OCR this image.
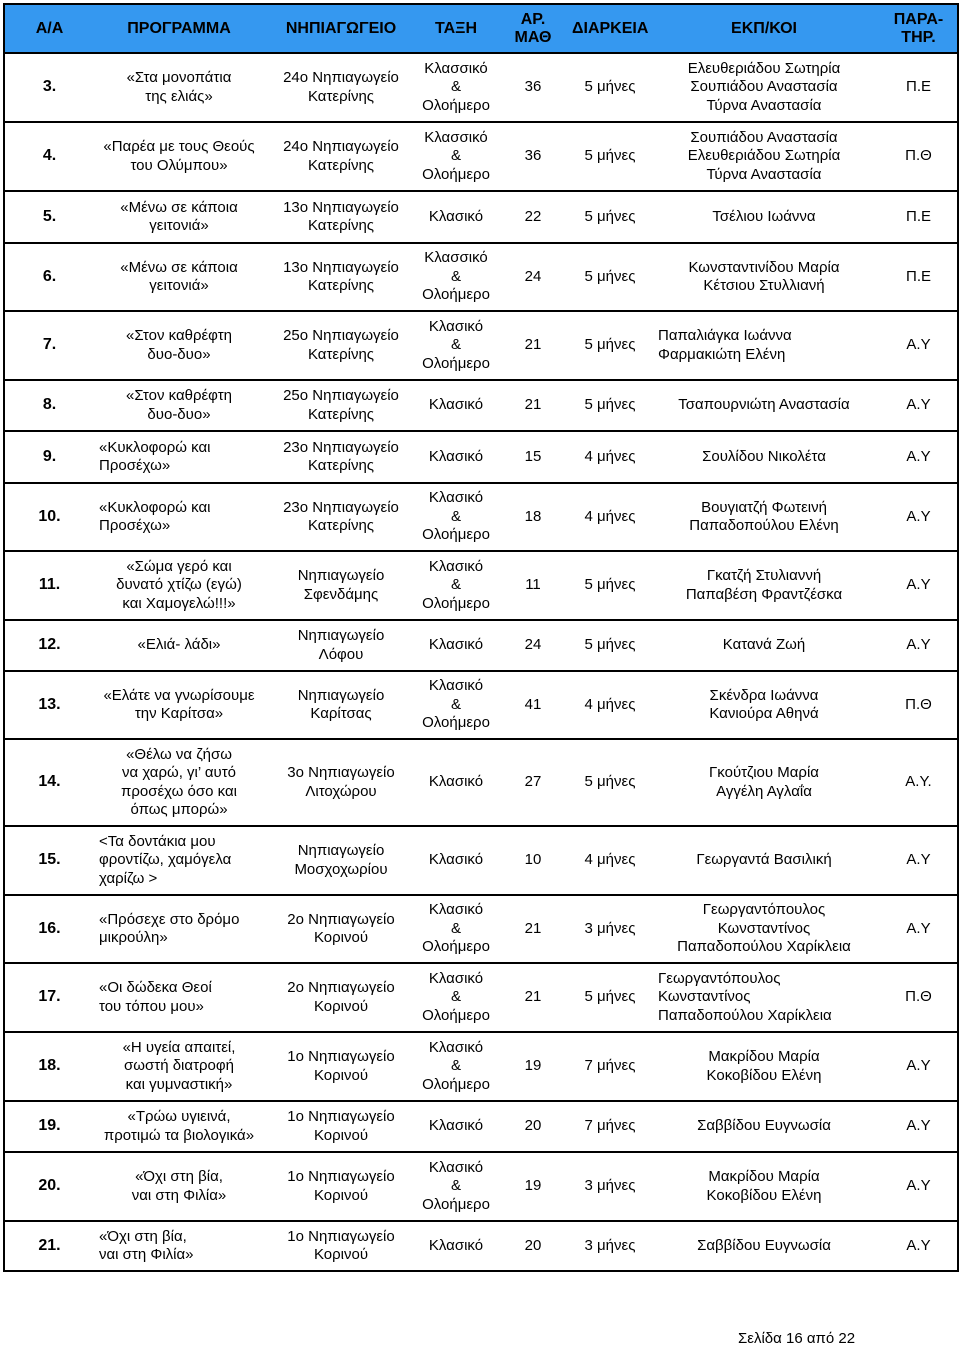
Α/Α	ΠΡΟΓΡΑΜΜΑ	ΝΗΠΙΑΓΩΓΕΙΟ	ΤΑΞΗ	ΑΡ.
ΜΑΘ	ΔΙΑΡΚΕΙΑ	ΕΚΠ/ΚΟΙ	ΠΑΡΑ-
ΤΗΡ.
3.	«Στα μονοπάτια
της ελιάς»	24ο Νηπιαγωγείο
Κατερίνης	Κλασσικό
&
Ολοήμερο	36	5 μήνες	Ελευθεριάδου Σωτηρία
Σουπιάδου Αναστασία
Τύρνα Αναστασία	Π.Ε
4.	«Παρέα με τους Θεούς
του Ολύμπου»	24ο Νηπιαγωγείο
Κατερίνης	Κλασσικό
&
Ολοήμερο	36	5 μήνες	Σουπιάδου Αναστασία
Ελευθεριάδου Σωτηρία
Τύρνα Αναστασία	Π.Θ
5.	«Μένω σε κάποια
γειτονιά»	13ο Νηπιαγωγείο
Κατερίνης	Κλασικό	22	5 μήνες	Τσέλιου Ιωάννα	Π.Ε
6.	«Μένω σε κάποια
γειτονιά»	13ο Νηπιαγωγείο
Κατερίνης	Κλασσικό
&
Ολοήμερο	24	5 μήνες	Κωνσταντινίδου Μαρία
Κέτσιου Στυλλιανή	Π.Ε
7.	«Στον καθρέφτη
δυο-δυο»	25ο Νηπιαγωγείο
Κατερίνης	Κλασικό
&
Ολοήμερο	21	5 μήνες	Παπαλιάγκα Ιωάννα
Φαρμακιώτη Ελένη	Α.Υ
8.	«Στον καθρέφτη
δυο-δυο»	25ο Νηπιαγωγείο
Κατερίνης	Κλασικό	21	5 μήνες	Τσαπουρνιώτη Αναστασία	Α.Υ
9.	«Κυκλοφορώ και
Προσέχω»	23ο Νηπιαγωγείο
Κατερίνης	Κλασικό	15	4 μήνες	Σουλίδου Νικολέτα	Α.Υ
10.	«Κυκλοφορώ και
Προσέχω»	23ο Νηπιαγωγείο
Κατερίνης	Κλασικό
&
Ολοήμερο	18	4 μήνες	Βουγιατζή Φωτεινή
Παπαδοπούλου Ελένη	Α.Υ
11.	«Σώμα γερό και
δυνατό χτίζω (εγώ)
και Χαμογελώ!!!»	Νηπιαγωγείο
Σφενδάμης	Κλασικό
&
Ολοήμερο	11	5 μήνες	Γκατζή Στυλιαννή
Παπαβέση Φραντζέσκα	Α.Υ
12.	«Ελιά- λάδι»	Νηπιαγωγείο
Λόφου	Κλασικό	24	5 μήνες	Κατανά Ζωή	Α.Υ
13.	«Ελάτε να γνωρίσουμε
την Καρίτσα»	Νηπιαγωγείο
Καρίτσας	Κλασικό
&
Ολοήμερο	41	4 μήνες	Σκένδρα Ιωάννα
Κανιούρα Αθηνά	Π.Θ
14.	«Θέλω να ζήσω
να χαρώ, γι’ αυτό
προσέχω όσο και
όπως μπορώ»	3ο Νηπιαγωγείο
Λιτοχώρου	Κλασικό	27	5 μήνες	Γκούτζιου Μαρία
Αγγέλη Αγλαΐα	Α.Υ.
15.	<Τα δοντάκια μου
φροντίζω, χαμόγελα
χαρίζω >	Νηπιαγωγείο
Μοσχοχωρίου	Κλασικό	10	4 μήνες	Γεωργαντά Βασιλική	Α.Υ
16.	«Πρόσεχε στο δρόμο
μικρούλη»	2ο Νηπιαγωγείο
Κορινού	Κλασικό
&
Ολοήμερο	21	3 μήνες	Γεωργαντόπουλος
Κωνσταντίνος
Παπαδοπούλου Χαρίκλεια	Α.Υ
17.	«Οι δώδεκα Θεοί
του τόπου μου»	2ο Νηπιαγωγείο
Κορινού	Κλασικό
&
Ολοήμερο	21	5 μήνες	Γεωργαντόπουλος
Κωνσταντίνος
Παπαδοπούλου Χαρίκλεια	Π.Θ
18.	«Η υγεία απαιτεί,
σωστή διατροφή
και γυμναστική»	1ο Νηπιαγωγείο
Κορινού	Κλασικό
&
Ολοήμερο	19	7 μήνες	Μακρίδου Μαρία
Κοκοβίδου Ελένη	Α.Υ
19.	«Τρώω υγιεινά,
προτιμώ τα βιολογικά»	1ο Νηπιαγωγείο
Κορινού	Κλασικό	20	7 μήνες	Σαββίδου Ευγνωσία	Α.Υ
20.	«Όχι στη βία,
ναι στη Φιλία»	1ο Νηπιαγωγείο
Κορινού	Κλασικό
&
Ολοήμερο	19	3 μήνες	Μακρίδου Μαρία
Κοκοβίδου Ελένη	Α.Υ
21.	«Όχι στη βία,
ναι στη Φιλία»	1ο Νηπιαγωγείο
Κορινού	Κλασικό	20	3 μήνες	Σαββίδου Ευγνωσία	Α.Υ
Σελίδα 16 από 22
